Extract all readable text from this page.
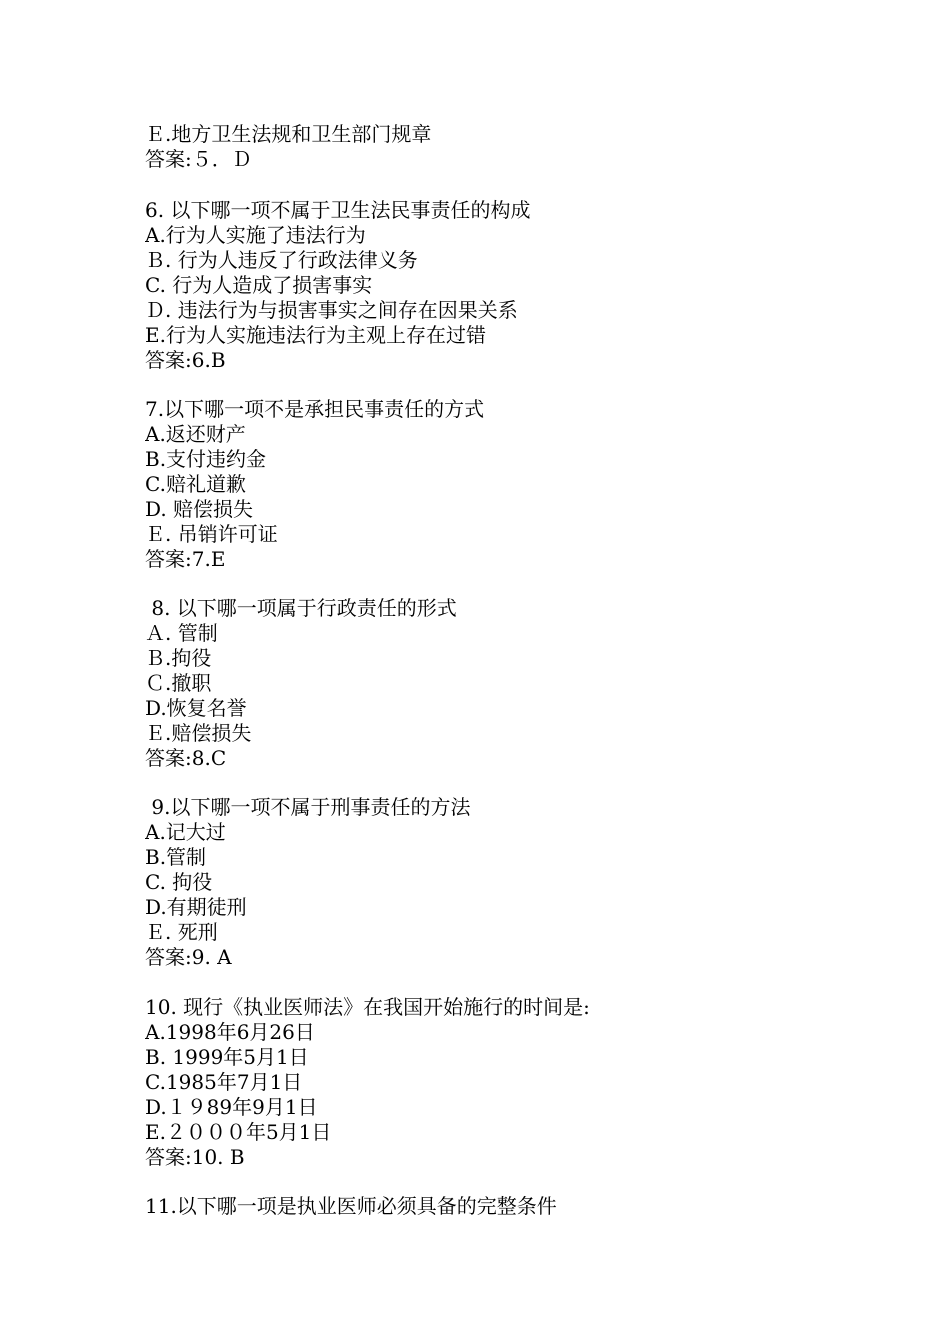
Ｅ.地方卫生法规和卫生部门规章
答案:５．Ｄ
6. 以下哪一项不属于卫生法民事责任的构成
A.行为人实施了违法行为
Ｂ. 行为人违反了行政法律义务
C. 行为人造成了损害事实
Ｄ. 违法行为与损害事实之间存在因果关系
E.行为人实施违法行为主观上存在过错
答案:6.B
7.以下哪一项不是承担民事责任的方式
A.返还财产
B.支付违约金
C.赔礼道歉
D. 赔偿损失
Ｅ. 吊销许可证
答案:7.E
8. 以下哪一项属于行政责任的形式
Ａ. 管制
Ｂ.拘役
Ｃ.撤职
D.恢复名誉
Ｅ.赔偿损失
答案:8.C
9.以下哪一项不属于刑事责任的方法
A.记大过
B.管制
C. 拘役
D.有期徒刑
Ｅ. 死刑
答案:9. A
10. 现行《执业医师法》在我国开始施行的时间是:
A.1998年6月26日
B. 1999年5月1日
C.1985年7月1日
D.１９89年9月1日
E.２０００年5月1日
答案:10. B
11.以下哪一项是执业医师必须具备的完整条件
